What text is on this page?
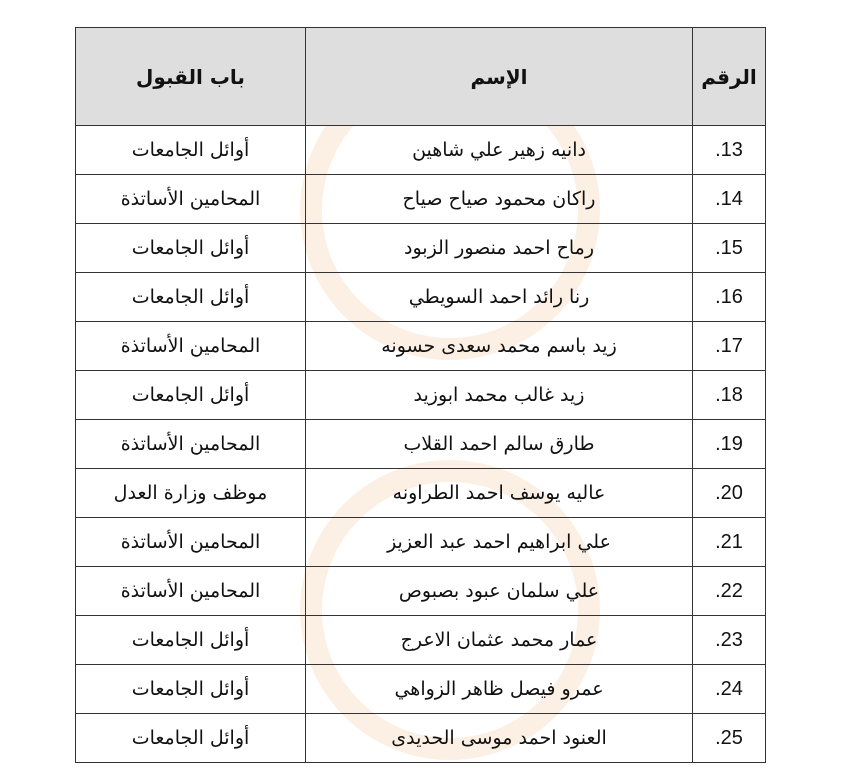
الرقم	الإسم	باب القبول
13.	دانيه زهير علي شاهين	أوائل الجامعات
14.	راكان محمود صياح صياح	المحامين الأساتذة
15.	رماح احمد منصور الزبود	أوائل الجامعات
16.	رنا رائد احمد السويطي	أوائل الجامعات
17.	زيد باسم محمد سعدى حسونه	المحامين الأساتذة
18.	زيد غالب محمد ابوزيد	أوائل الجامعات
19.	طارق سالم احمد القلاب	المحامين الأساتذة
20.	عاليه يوسف احمد الطراونه	موظف وزارة العدل
21.	علي ابراهيم احمد عبد العزيز	المحامين الأساتذة
22.	علي سلمان عبود بصبوص	المحامين الأساتذة
23.	عمار محمد عثمان الاعرج	أوائل الجامعات
24.	عمرو فيصل ظاهر الزواهي	أوائل الجامعات
25.	العنود احمد موسى الحديدى	أوائل الجامعات
